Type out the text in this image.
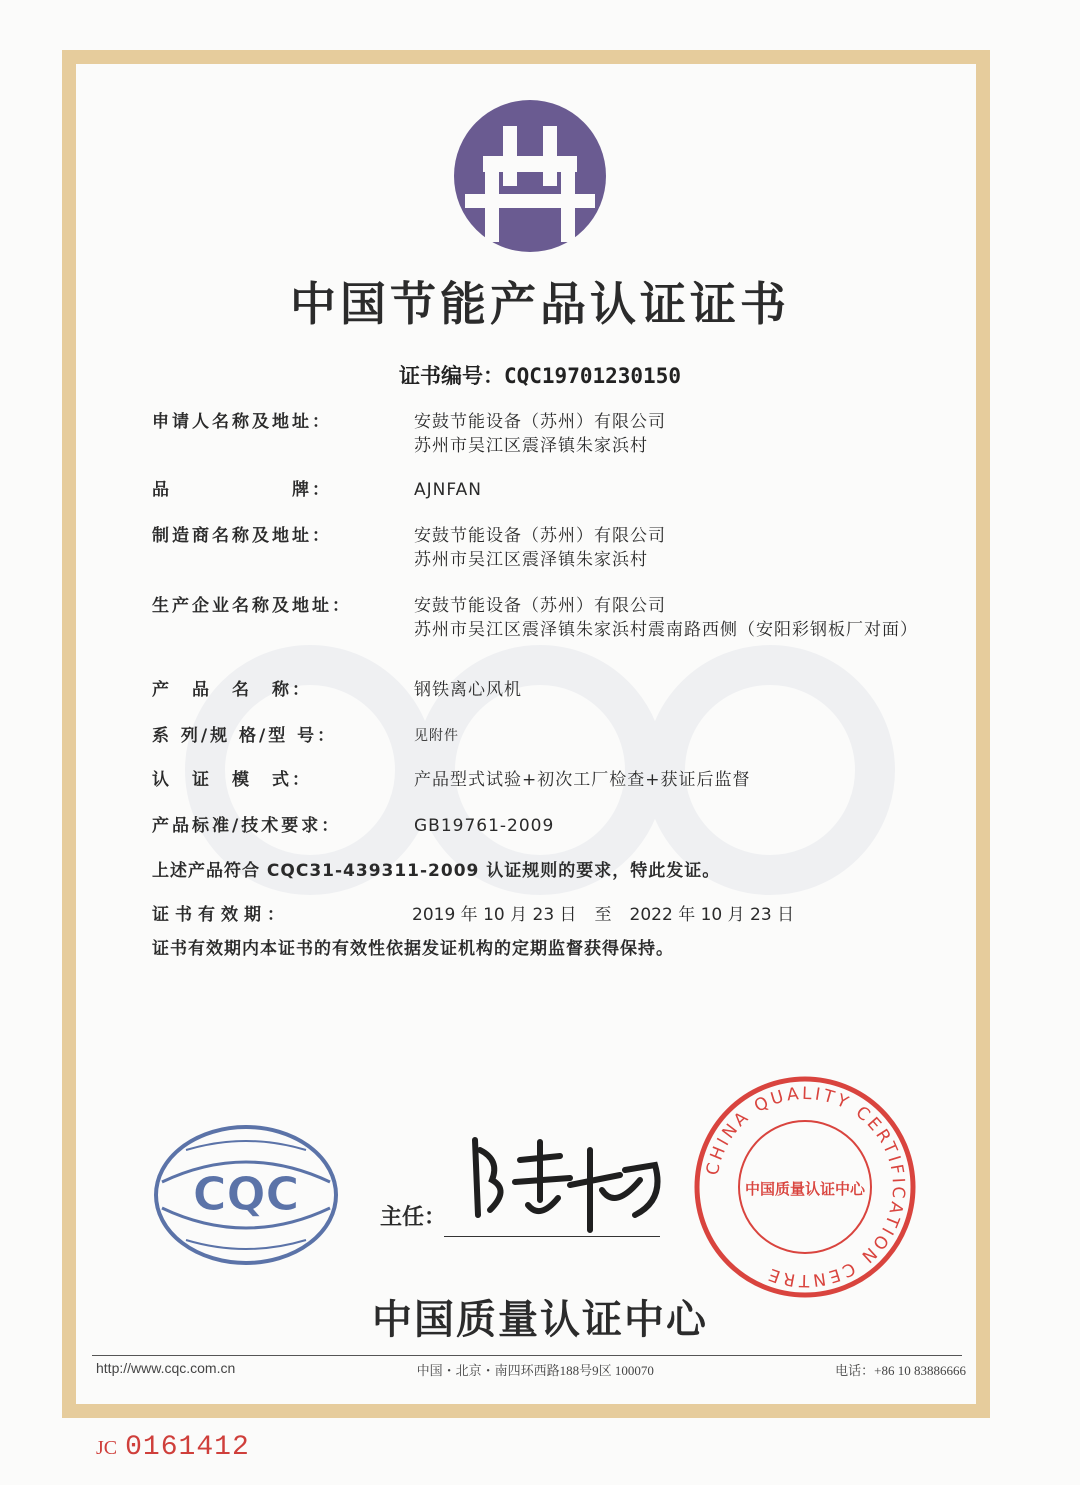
中国节能产品认证证书
证书编号：CQC19701230150
申请人名称及地址：	安鼓节能设备（苏州）有限公司
苏州市吴江区震泽镇朱家浜村
品　　　　　　牌：	AJNFAN
制造商名称及地址：	安鼓节能设备（苏州）有限公司
苏州市吴江区震泽镇朱家浜村
生产企业名称及地址：	安鼓节能设备（苏州）有限公司
苏州市吴江区震泽镇朱家浜村震南路西侧（安阳彩钢板厂对面）
产　品　名　称：	钢铁离心风机
系 列/规 格/型 号：	见附件
认　证　模　式：	产品型式试验+初次工厂检查+获证后监督
产品标准/技术要求：	GB19761-2009
上述产品符合 CQC31-439311-2009 认证规则的要求，特此发证。
证书有效期：	2019 年 10 月 23 日 至 2022 年 10 月 23 日
证书有效期内本证书的有效性依据发证机构的定期监督获得保持。
CQC	主任：
CHINA QUALITY CERTIFICATION CENTRE
中国质量认证中心
中国质量认证中心
http://www.cqc.com.cn	中国・北京・南四环西路188号9区 100070	电话：+86 10 83886666
JC 0161412
